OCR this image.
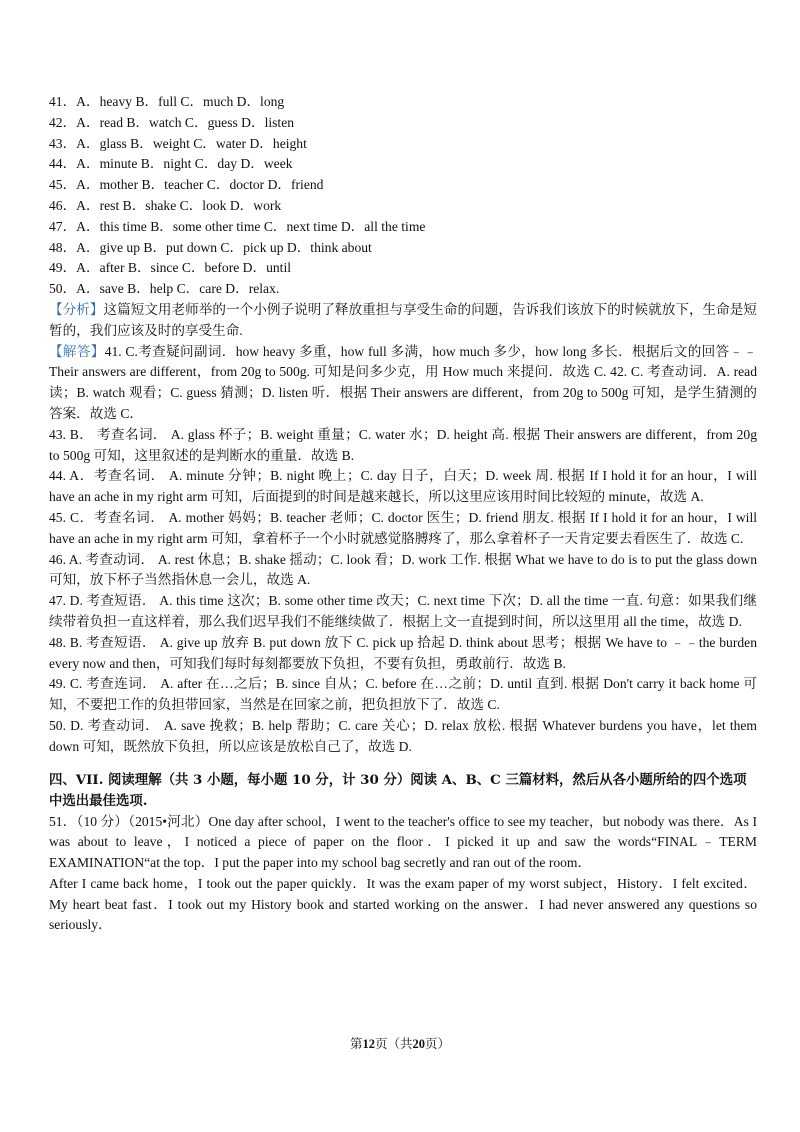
41．A．heavy B．full C．much D．long
42．A．read B．watch C．guess D．listen
43．A．glass B．weight C．water D．height
44．A．minute B．night C．day D．week
45．A．mother B．teacher C．doctor D．friend
46．A．rest B．shake C．look D．work
47．A．this time B．some other time C．next time D．all the time
48．A．give up B．put down C．pick up D．think about
49．A．after B．since C．before D．until
50．A．save B．help C．care D．relax.
【分析】这篇短文用老师举的一个小例子说明了释放重担与享受生命的问题，告诉我们该放下的时候就放下，生命是短暂的，我们应该及时的享受生命.
【解答】41. C.考查疑问副词．how heavy 多重，how full 多满，how much 多少，how long 多长．根据后文的回答﹣﹣Their answers are different，from 20g to 500g. 可知是问多少克，用 How much 来提问．故选 C. 42. C. 考查动词．A. read 读；B. watch 观看；C. guess 猜测；D. listen 听．根据 Their answers are different，from 20g to 500g 可知，是学生猜测的答案．故选 C．
43. B． 考查名词． A. glass 杯子；B. weight 重量；C. water 水；D. height 高. 根据 Their answers are different，from 20g to 500g 可知，这里叙述的是判断水的重量．故选 B.
44. A．考查名词． A. minute 分钟；B. night 晚上；C. day 日子，白天；D. week 周. 根据 If I hold it for an hour，I will have an ache in my right arm 可知，后面提到的时间是越来越长，所以这里应该用时间比较短的 minute，故选 A.
45. C．考查名词． A. mother 妈妈；B. teacher 老师；C. doctor 医生；D. friend 朋友. 根据 If I hold it for an hour，I will have an ache in my right arm 可知，拿着杯子一个小时就感觉胳膊疼了，那么拿着杯子一天肯定要去看医生了．故选 C.
46. A. 考查动词． A. rest 休息；B. shake 摇动；C. look 看；D. work 工作. 根据 What we have to do is to put the glass down 可知，放下杯子当然指休息一会儿，故选 A.
47. D. 考查短语． A. this time 这次；B. some other time 改天；C. next time 下次；D. all the time 一直. 句意：如果我们继续带着负担一直这样着，那么我们迟早我们不能继续做了．根据上文一直提到时间，所以这里用 all the time，故选 D.
48. B. 考查短语． A. give up 放弃 B. put down 放下 C. pick up 拾起 D. think about 思考；根据 We have to ﹣﹣the burden every now and then，可知我们每时每刻都要放下负担，不要有负担，勇敢前行．故选 B.
49. C. 考查连词． A. after 在…之后；B. since 自从；C. before 在…之前；D. until 直到. 根据 Don't carry it back home 可知，不要把工作的负担带回家，当然是在回家之前，把负担放下了．故选 C.
50. D. 考查动词． A. save 挽救；B. help 帮助；C. care 关心；D. relax 放松. 根据 Whatever burdens you have，let them down 可知，既然放下负担，所以应该是放松自己了，故选 D.
四、VII. 阅读理解（共 3 小题，每小题 10 分，计 30 分）阅读 A、B、C 三篇材料，然后从各小题所给的四个选项中选出最佳选项.
51．（10 分）（2015•河北）One day after school，I went to the teacher's office to see my teacher，but nobody was there．As I was about to leave，I noticed a piece of paper on the floor．I picked it up and saw the words“FINAL﹣TERM EXAMINATION“at the top．I put the paper into my school bag secretly and ran out of the room．
After I came back home，I took out the paper quickly．It was the exam paper of my worst subject，History．I felt excited．My heart beat fast．I took out my History book and started working on the answer．I had never answered any questions so seriously．
第12页（共20页）
